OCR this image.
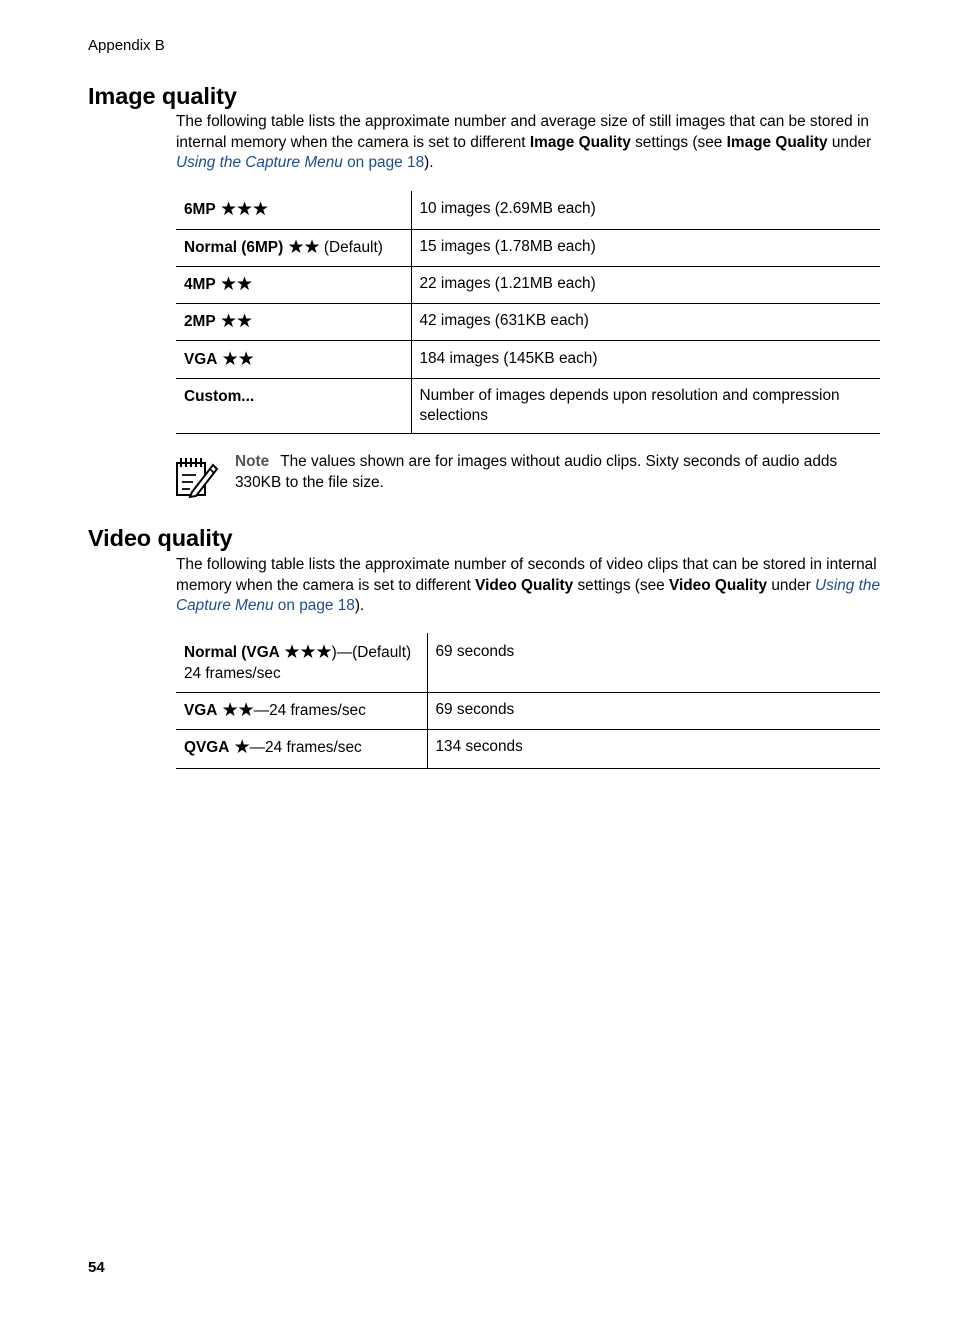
Appendix B
Image quality

The following table lists the approximate number and average size of still images that can be stored in internal memory when the camera is set to different Image Quality settings (see Image Quality under Using the Capture Menu on page 18).

6MP ★★★	10 images (2.69MB each)
Normal (6MP) ★★ (Default)	15 images (1.78MB each)
4MP ★★	22 images (1.21MB each)
2MP ★★	42 images (631KB each)
VGA ★★	184 images (145KB each)
Custom...	Number of images depends upon resolution and compression selections

Note The values shown are for images without audio clips. Sixty seconds of audio adds 330KB to the file size.

Video quality

The following table lists the approximate number of seconds of video clips that can be stored in internal memory when the camera is set to different Video Quality settings (see Video Quality under Using the Capture Menu on page 18).

Normal (VGA ★★★)—(Default) 24 frames/sec	69 seconds
VGA ★★—24 frames/sec	69 seconds
QVGA ★—24 frames/sec	134 seconds
54
